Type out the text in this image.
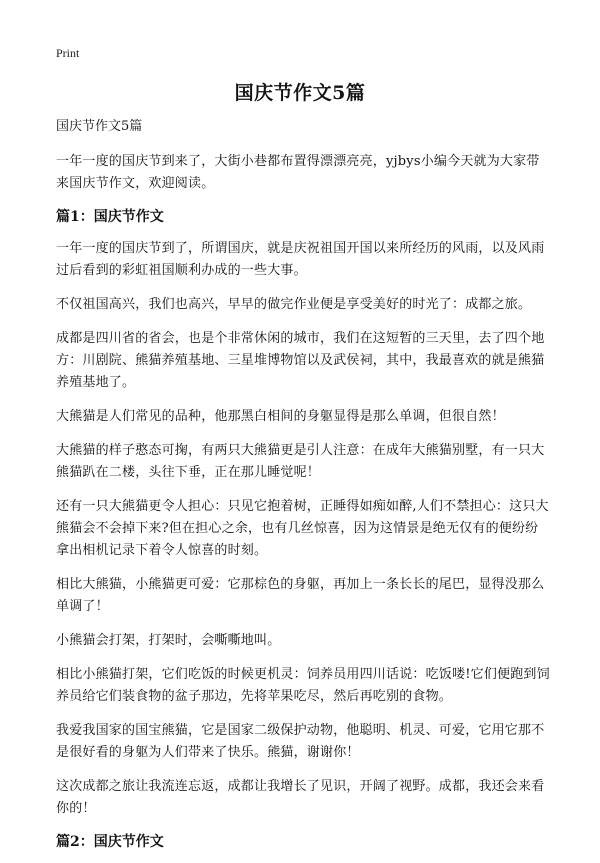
Print
国庆节作文5篇

国庆节作文5篇

一年一度的国庆节到来了，大街小巷都布置得漂漂亮亮，yjbys小编今天就为大家带来国庆节作文，欢迎阅读。

篇1：国庆节作文

一年一度的国庆节到了，所谓国庆，就是庆祝祖国开国以来所经历的风雨，以及风雨过后看到的彩虹祖国顺利办成的一些大事。

不仅祖国高兴，我们也高兴，早早的做完作业便是享受美好的时光了：成都之旅。

成都是四川省的省会，也是个非常休闲的城市，我们在这短暂的三天里，去了四个地方：川剧院、熊猫养殖基地、三星堆博物馆以及武侯祠，其中，我最喜欢的就是熊猫养殖基地了。

大熊猫是人们常见的品种，他那黑白相间的身躯显得是那么单调，但很自然！

大熊猫的样子憨态可掬，有两只大熊猫更是引人注意：在成年大熊猫别墅，有一只大熊猫趴在二楼，头往下垂，正在那儿睡觉呢！

还有一只大熊猫更令人担心：只见它抱着树，正睡得如痴如醉,人们不禁担心：这只大熊猫会不会掉下来?但在担心之余，也有几丝惊喜，因为这情景是绝无仅有的便纷纷拿出相机记录下着令人惊喜的时刻。

相比大熊猫，小熊猫更可爱：它那棕色的身躯，再加上一条长长的尾巴，显得没那么单调了！

小熊猫会打架，打架时，会嘶嘶地叫。

相比小熊猫打架，它们吃饭的时候更机灵：饲养员用四川话说：吃饭喽!它们便跑到饲养员给它们装食物的盆子那边，先将苹果吃尽，然后再吃别的食物。

我爱我国家的国宝熊猫，它是国家二级保护动物，他聪明、机灵、可爱，它用它那不是很好看的身躯为人们带来了快乐。熊猫，谢谢你！

这次成都之旅让我流连忘返，成都让我增长了见识，开阔了视野。成都，我还会来看你的！

篇2：国庆节作文
